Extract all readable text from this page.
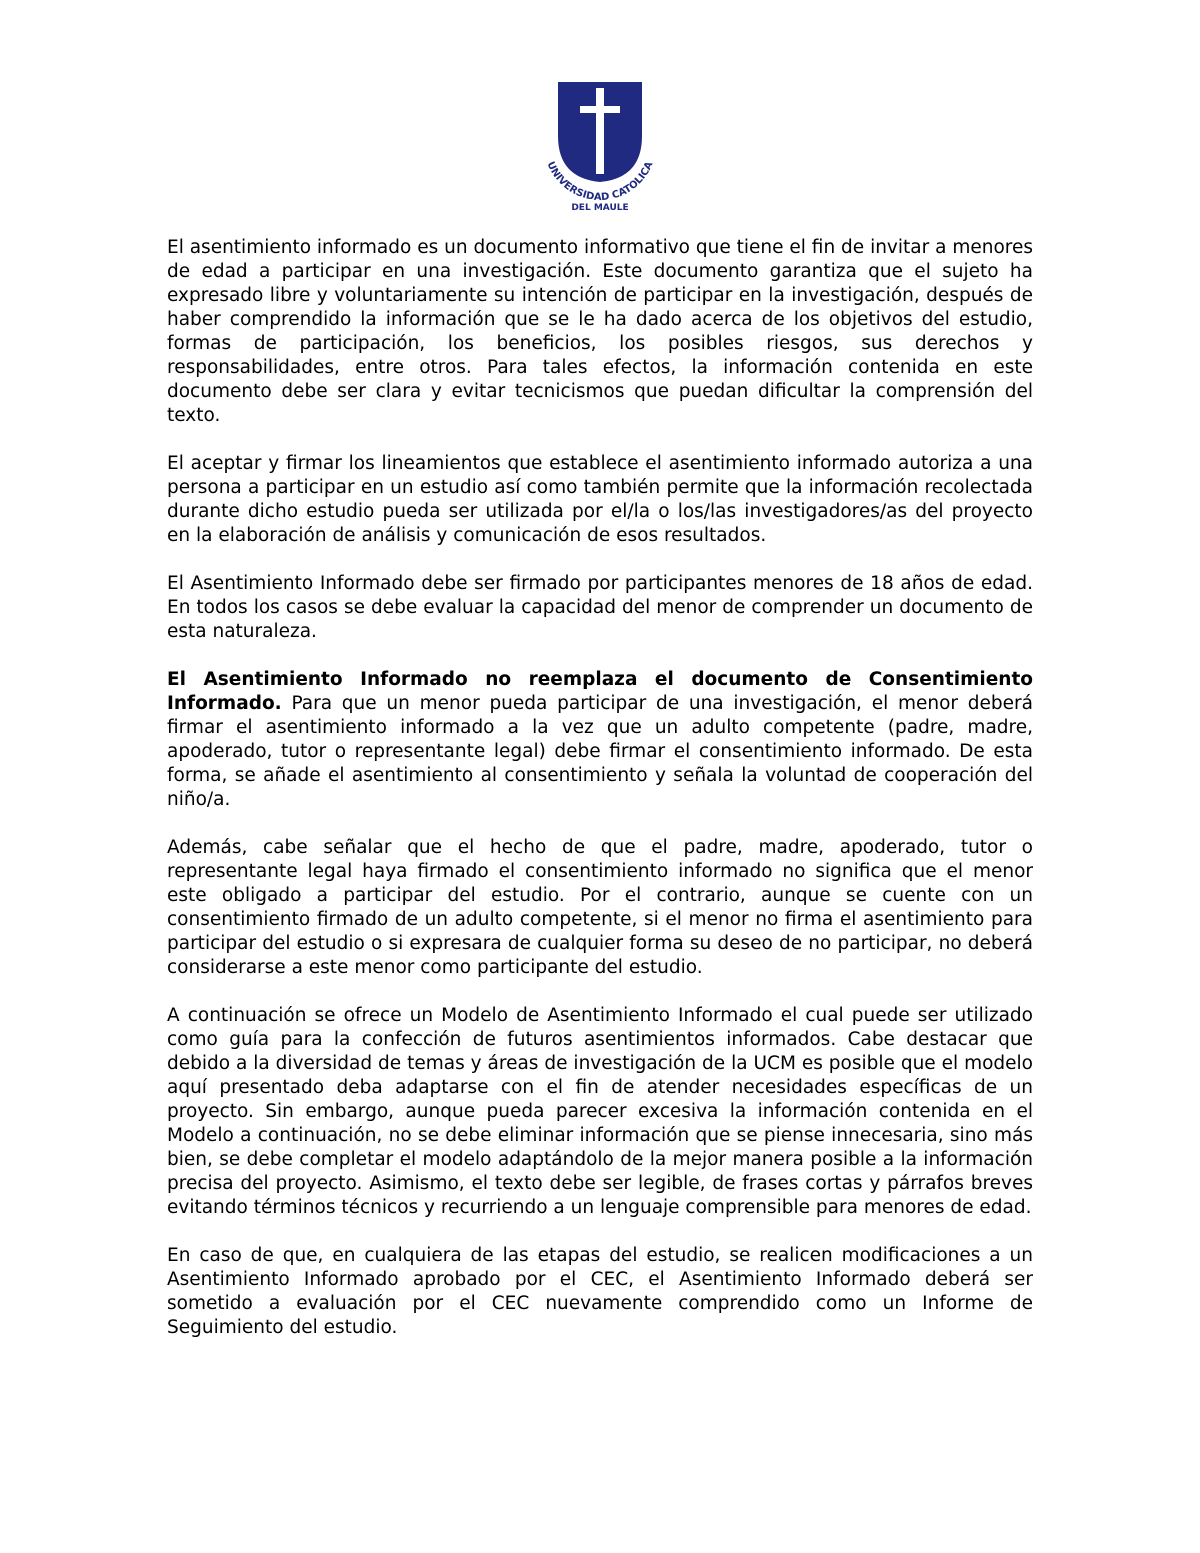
UNIVERSIDAD CATOLICA
DEL MAULE

El asentimiento informado es un documento informativo que tiene el fin de invitar a menores de edad a participar en una investigación. Este documento garantiza que el sujeto ha expresado libre y voluntariamente su intención de participar en la investigación, después de haber comprendido la información que se le ha dado acerca de los objetivos del estudio, formas de participación, los beneficios, los posibles riesgos, sus derechos y responsabilidades, entre otros. Para tales efectos, la información contenida en este documento debe ser clara y evitar tecnicismos que puedan dificultar la comprensión del texto.

El aceptar y firmar los lineamientos que establece el asentimiento informado autoriza a una persona a participar en un estudio así como también permite que la información recolectada durante dicho estudio pueda ser utilizada por el/la o los/las investigadores/as del proyecto en la elaboración de análisis y comunicación de esos resultados.

El Asentimiento Informado debe ser firmado por participantes menores de 18 años de edad. En todos los casos se debe evaluar la capacidad del menor de comprender un documento de esta naturaleza.

El Asentimiento Informado no reemplaza el documento de Consentimiento Informado. Para que un menor pueda participar de una investigación, el menor deberá firmar el asentimiento informado a la vez que un adulto competente (padre, madre, apoderado, tutor o representante legal) debe firmar el consentimiento informado. De esta forma, se añade el asentimiento al consentimiento y señala la voluntad de cooperación del niño/a.

Además, cabe señalar que el hecho de que el padre, madre, apoderado, tutor o representante legal haya firmado el consentimiento informado no significa que el menor este obligado a participar del estudio. Por el contrario, aunque se cuente con un consentimiento firmado de un adulto competente, si el menor no firma el asentimiento para participar del estudio o si expresara de cualquier forma su deseo de no participar, no deberá considerarse a este menor como participante del estudio.

A continuación se ofrece un Modelo de Asentimiento Informado el cual puede ser utilizado como guía para la confección de futuros asentimientos informados. Cabe destacar que debido a la diversidad de temas y áreas de investigación de la UCM es posible que el modelo aquí presentado deba adaptarse con el fin de atender necesidades específicas de un proyecto. Sin embargo, aunque pueda parecer excesiva la información contenida en el Modelo a continuación, no se debe eliminar información que se piense innecesaria, sino más bien, se debe completar el modelo adaptándolo de la mejor manera posible a la información precisa del proyecto. Asimismo, el texto debe ser legible, de frases cortas y párrafos breves evitando términos técnicos y recurriendo a un lenguaje comprensible para menores de edad.

En caso de que, en cualquiera de las etapas del estudio, se realicen modificaciones a un Asentimiento Informado aprobado por el CEC, el Asentimiento Informado deberá ser sometido a evaluación por el CEC nuevamente comprendido como un Informe de Seguimiento del estudio.
